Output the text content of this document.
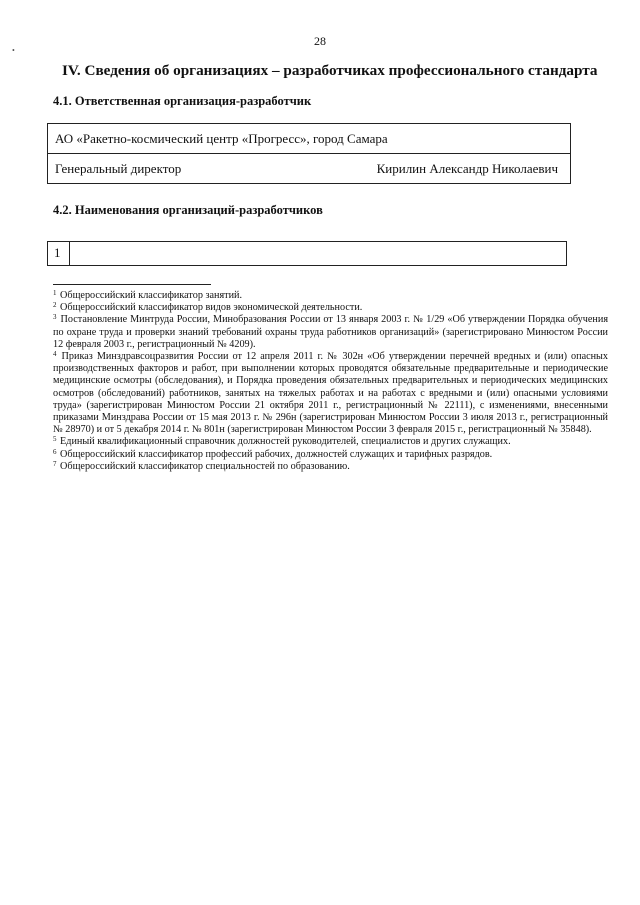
•
28
IV. Сведения об организациях – разработчиках профессионального стандарта
4.1. Ответственная организация-разработчик
АО «Ракетно-космический центр «Прогресс», город Самара
Генеральный директор	Кирилин Александр Николаевич
4.2. Наименования организаций-разработчиков
1

$^1$ Общероссийский классификатор занятий.

$^2$ Общероссийский классификатор видов экономической деятельности.

$^3$ Постановление Минтруда России, Минобразования России от 13 января 2003 г. № 1/29 «Об утверждении Порядка обучения по охране труда и проверки знаний требований охраны труда работников организаций» (зарегистрировано Минюстом России 12 февраля 2003 г., регистрационный № 4209).

$^4$ Приказ Минздравсоцразвития России от 12 апреля 2011 г. № 302н «Об утверждении перечней вредных и (или) опасных производственных факторов и работ, при выполнении которых проводятся обязательные предварительные и периодические медицинские осмотры (обследования), и Порядка проведения обязательных предварительных и периодических медицинских осмотров (обследований) работников, занятых на тяжелых работах и на работах с вредными и (или) опасными условиями труда» (зарегистрирован Минюстом России 21 октября 2011 г., регистрационный № 22111), с изменениями, внесенными приказами Минздрава России от 15 мая 2013 г. № 296н (зарегистрирован Минюстом России 3 июля 2013 г., регистрационный № 28970) и от 5 декабря 2014 г. № 801н (зарегистрирован Минюстом России 3 февраля 2015 г., регистрационный № 35848).

$^5$ Единый квалификационный справочник должностей руководителей, специалистов и других служащих.

$^6$ Общероссийский классификатор профессий рабочих, должностей служащих и тарифных разрядов.

$^7$ Общероссийский классификатор специальностей по образованию.
